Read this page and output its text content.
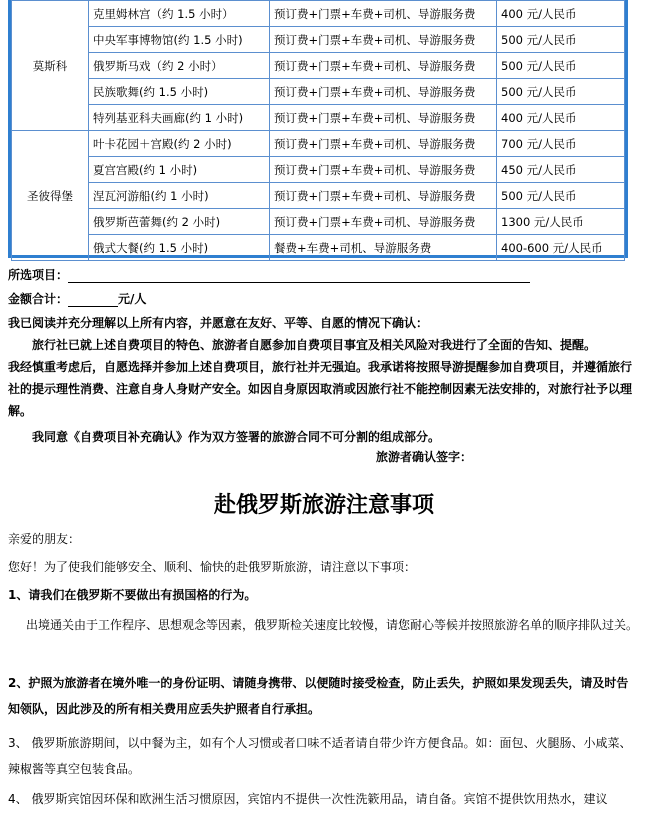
莫斯科	克里姆林宫（约 1.5 小时）	预订费+门票+车费+司机、导游服务费	400 元/人民币
	中央军事博物馆(约 1.5 小时)	预订费+门票+车费+司机、导游服务费	500 元/人民币
	俄罗斯马戏（约 2 小时）	预订费+门票+车费+司机、导游服务费	500 元/人民币
	民族歌舞(约 1.5 小时)	预订费+门票+车费+司机、导游服务费	500 元/人民币
	特列基亚科夫画廊(约 1 小时)	预订费+门票+车费+司机、导游服务费	400 元/人民币
圣彼得堡	叶卡花园＋宫殿(约 2 小时)	预订费+门票+车费+司机、导游服务费	700 元/人民币
	夏宫宫殿(约 1 小时)	预订费+门票+车费+司机、导游服务费	450 元/人民币
	涅瓦河游船(约 1 小时)	预订费+门票+车费+司机、导游服务费	500 元/人民币
	俄罗斯芭蕾舞(约 2 小时)	预订费+门票+车费+司机、导游服务费	1300 元/人民币
	俄式大餐(约 1.5 小时)	餐费+车费+司机、导游服务费	400-600 元/人民币
所选项目：
金额合计：	元/人
我已阅读并充分理解以上所有内容，并愿意在友好、平等、自愿的情况下确认：
旅行社已就上述自费项目的特色、旅游者自愿参加自费项目事宜及相关风险对我进行了全面的告知、提醒。
我经慎重考虑后，自愿选择并参加上述自费项目，旅行社并无强迫。我承诺将按照导游提醒参加自费项目，并遵循旅行社的提示理性消费、注意自身人身财产安全。如因自身原因取消或因旅行社不能控制因素无法安排的，对旅行社予以理解。
我同意《自费项目补充确认》作为双方签署的旅游合同不可分割的组成部分。
旅游者确认签字：
赴俄罗斯旅游注意事项
亲爱的朋友：
您好！为了使我们能够安全、顺利、愉快的赴俄罗斯旅游，请注意以下事项：
1、请我们在俄罗斯不要做出有损国格的行为。
出境通关由于工作程序、思想观念等因素，俄罗斯检关速度比较慢，请您耐心等候并按照旅游名单的顺序排队过关。
2、护照为旅游者在境外唯一的身份证明、请随身携带、以便随时接受检查，防止丢失，护照如果发现丢失，请及时告知领队，因此涉及的所有相关费用应丢失护照者自行承担。
3、 俄罗斯旅游期间，以中餐为主，如有个人习惯或者口味不适者请自带少许方便食品。如：面包、火腿肠、小咸菜、辣椒酱等真空包装食品。
4、 俄罗斯宾馆因环保和欧洲生活习惯原因，宾馆内不提供一次性洗簌用品，请自备。宾馆不提供饮用热水，建议
